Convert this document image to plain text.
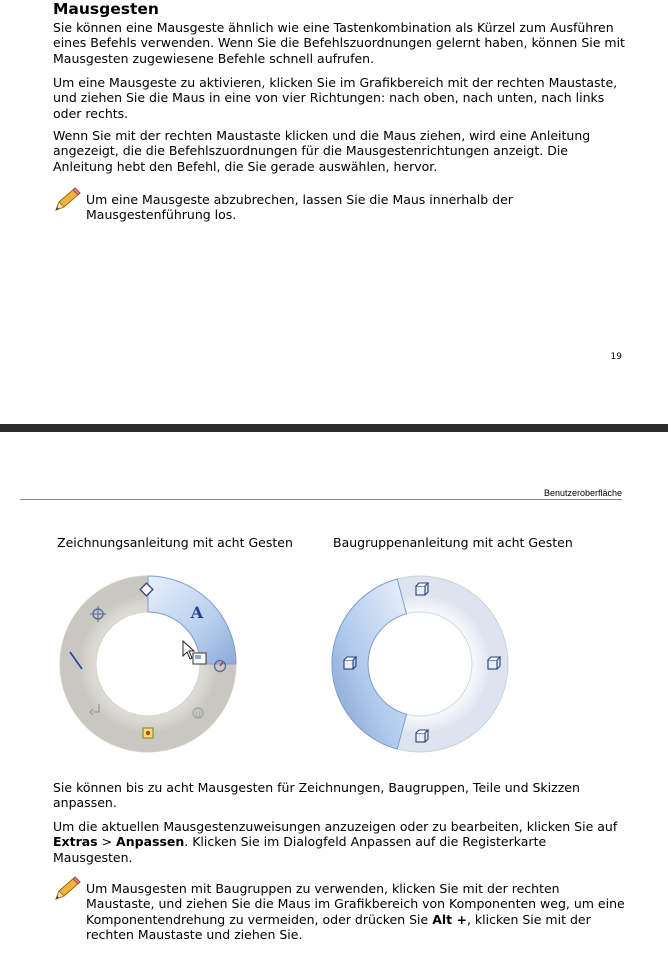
Mausgesten

Sie können eine Mausgeste ähnlich wie eine Tastenkombination als Kürzel zum Ausführen eines Befehls verwenden. Wenn Sie die Befehlszuordnungen gelernt haben, können Sie mit Mausgesten zugewiesene Befehle schnell aufrufen.

Um eine Mausgeste zu aktivieren, klicken Sie im Grafikbereich mit der rechten Maustaste, und ziehen Sie die Maus in eine von vier Richtungen: nach oben, nach unten, nach links oder rechts.

Wenn Sie mit der rechten Maustaste klicken und die Maus ziehen, wird eine Anleitung angezeigt, die die Befehlszuordnungen für die Mausgestenrichtungen anzeigt. Die Anleitung hebt den Befehl, die Sie gerade auswählen, hervor.

Um eine Mausgeste abzubrechen, lassen Sie die Maus innerhalb der Mausgestenführung los.

19
Benutzeroberfläche
Zeichnungsanleitung mit acht Gesten	Baugruppenanleitung mit acht Gesten
A
Ü

Sie können bis zu acht Mausgesten für Zeichnungen, Baugruppen, Teile und Skizzen anpassen.

Um die aktuellen Mausgestenzuweisungen anzuzeigen oder zu bearbeiten, klicken Sie auf Extras > Anpassen. Klicken Sie im Dialogfeld Anpassen auf die Registerkarte Mausgesten.

Um Mausgesten mit Baugruppen zu verwenden, klicken Sie mit der rechten Maustaste, und ziehen Sie die Maus im Grafikbereich von Komponenten weg, um eine Komponentendrehung zu vermeiden, oder drücken Sie Alt +, klicken Sie mit der rechten Maustaste und ziehen Sie.
